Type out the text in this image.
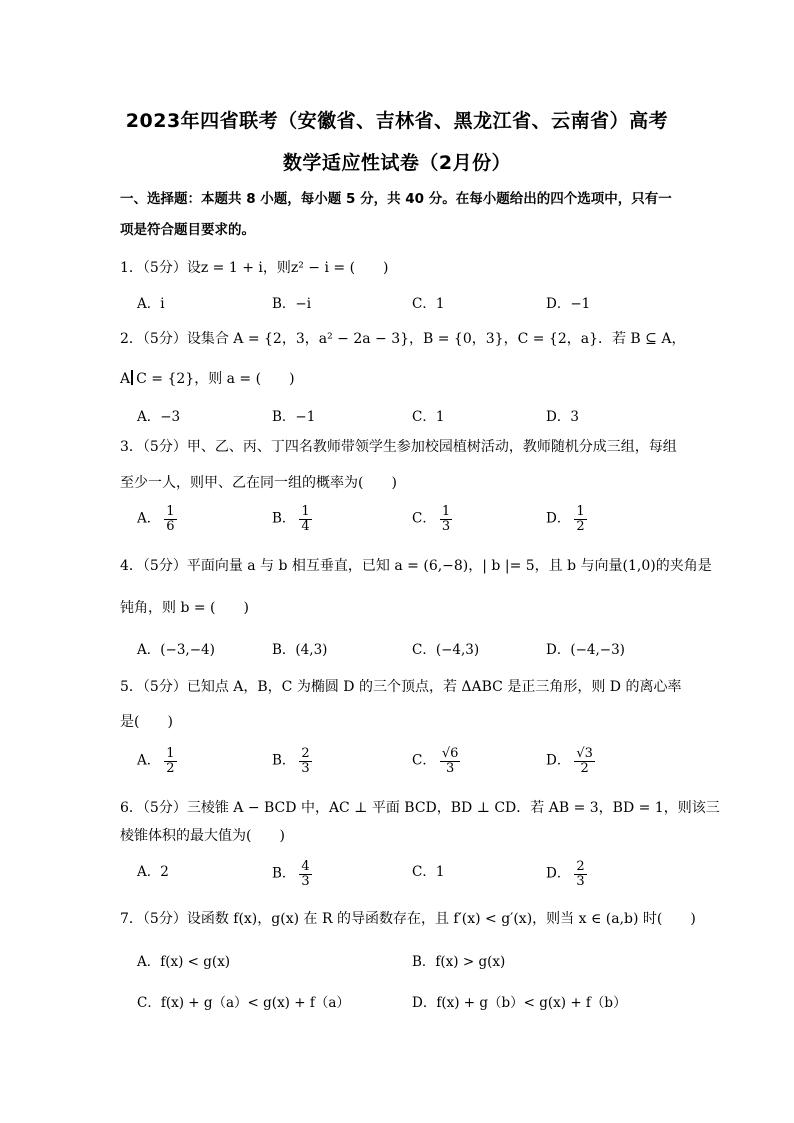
2023年四省联考（安徽省、吉林省、黑龙江省、云南省）高考
数学适应性试卷（2月份）
一、选择题：本题共 8 小题，每小题 5 分，共 40 分。在每小题给出的四个选项中，只有一
项是符合题目要求的。
1．（5分）设z = 1 + i，则z² − i = (　　)
A．i	B．−i	C．1	D．−1
2．（5分）设集合 A = {2，3，a² − 2a − 3}，B = {0，3}，C = {2，a}．若 B ⊆ A，
A C = {2}，则 a = (　　)
A．−3	B．−1	C．1	D．3
3．（5分）甲、乙、丙、丁四名教师带领学生参加校园植树活动，教师随机分成三组，每组
至少一人，则甲、乙在同一组的概率为(　　)
A． $\frac{1}{6}$	B． $\frac{1}{4}$	C． $\frac{1}{3}$	D． $\frac{1}{2}$
4．（5分）平面向量 a 与 b 相互垂直，已知 a = (6,−8)，| b |= 5，且 b 与向量(1,0)的夹角是
钝角，则 b = (　　)
A．(−3,−4)	B．(4,3)	C．(−4,3)	D．(−4,−3)
5．（5分）已知点 A，B，C 为椭圆 D 的三个顶点，若 ΔABC 是正三角形，则 D 的离心率
是(　　)
A． $\frac{1}{2}$	B． $\frac{2}{3}$	C． $\frac{√6}{3}$	D． $\frac{√3}{2}$
6．（5分）三棱锥 A − BCD 中，AC ⊥ 平面 BCD，BD ⊥ CD．若 AB = 3，BD = 1，则该三
棱锥体积的最大值为(　　)
A．2	B． $\frac{4}{3}$	C．1	D． $\frac{2}{3}$
7．（5分）设函数 f(x)，g(x) 在 R 的导函数存在，且 f′(x) < g′(x)，则当 x ∈ (a,b) 时(　　)
A．f(x) < g(x)	B．f(x) > g(x)
C．f(x) + g（a）< g(x) + f（a）	D．f(x) + g（b）< g(x) + f（b）
